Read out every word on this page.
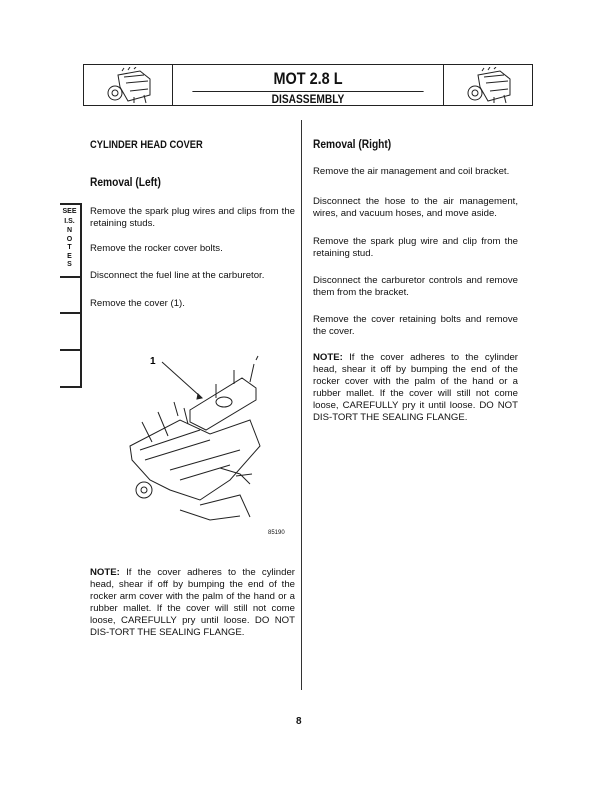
MOT 2.8 L
DISASSEMBLY
SEE
I.S.
N
O
T
E
S
CYLINDER HEAD COVER
Removal (Left)

Remove the spark plug wires and clips from the retaining studs.

Remove the rocker cover bolts.

Disconnect the fuel line at the carburetor.

Remove the cover (1).

1
85190

NOTE: If the cover adheres to the cylinder head, shear if off by bumping the end of the rocker arm cover with the palm of the hand or a rubber mallet. If the cover will still not come loose, CAREFULLY pry until loose. DO NOT DIS-TORT THE SEALING FLANGE.

Removal (Right)

Remove the air management and coil bracket.

Disconnect the hose to the air management, wires, and vacuum hoses, and move aside.

Remove the spark plug wire and clip from the retaining stud.

Disconnect the carburetor controls and remove them from the bracket.

Remove the cover retaining bolts and remove the cover.

NOTE: If the cover adheres to the cylinder head, shear it off by bumping the end of the rocker cover with the palm of the hand or a rubber mallet. If the cover will still not come loose, CAREFULLY pry it until loose. DO NOT DIS-TORT THE SEALING FLANGE.

8
